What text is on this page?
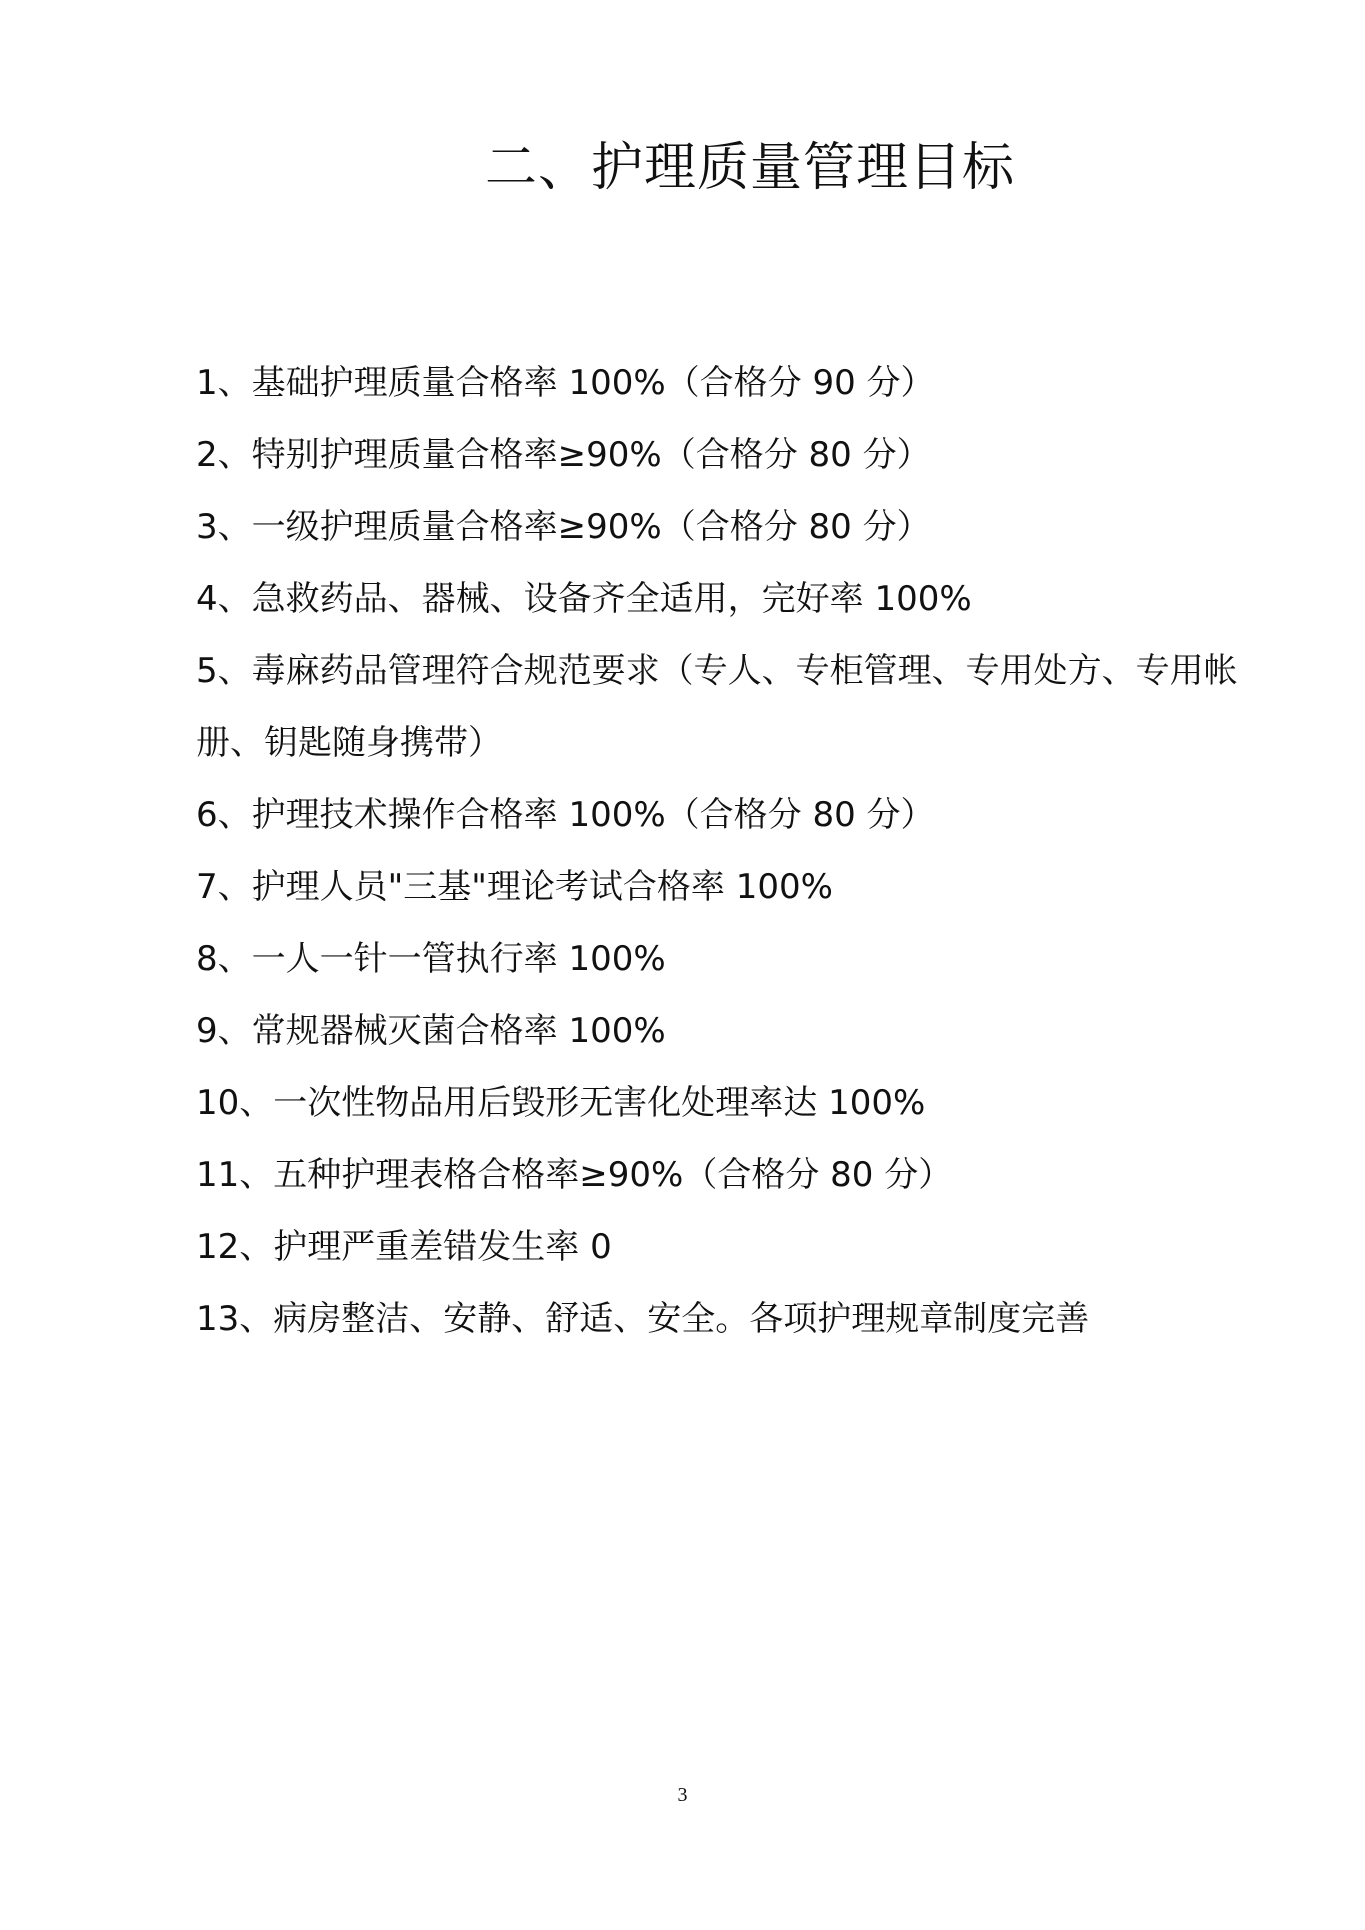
二、护理质量管理目标
1、基础护理质量合格率 100%（合格分 90 分）
2、特别护理质量合格率≥90%（合格分 80 分）
3、一级护理质量合格率≥90%（合格分 80 分）
4、急救药品、器械、设备齐全适用，完好率 100%
5、毒麻药品管理符合规范要求（专人、专柜管理、专用处方、专用帐册、钥匙随身携带）
6、护理技术操作合格率 100%（合格分 80 分）
7、护理人员"三基"理论考试合格率 100%
8、一人一针一管执行率 100%
9、常规器械灭菌合格率 100%
10、一次性物品用后毁形无害化处理率达 100%
11、五种护理表格合格率≥90%（合格分 80 分）
12、护理严重差错发生率 0
13、病房整洁、安静、舒适、安全。各项护理规章制度完善
3
